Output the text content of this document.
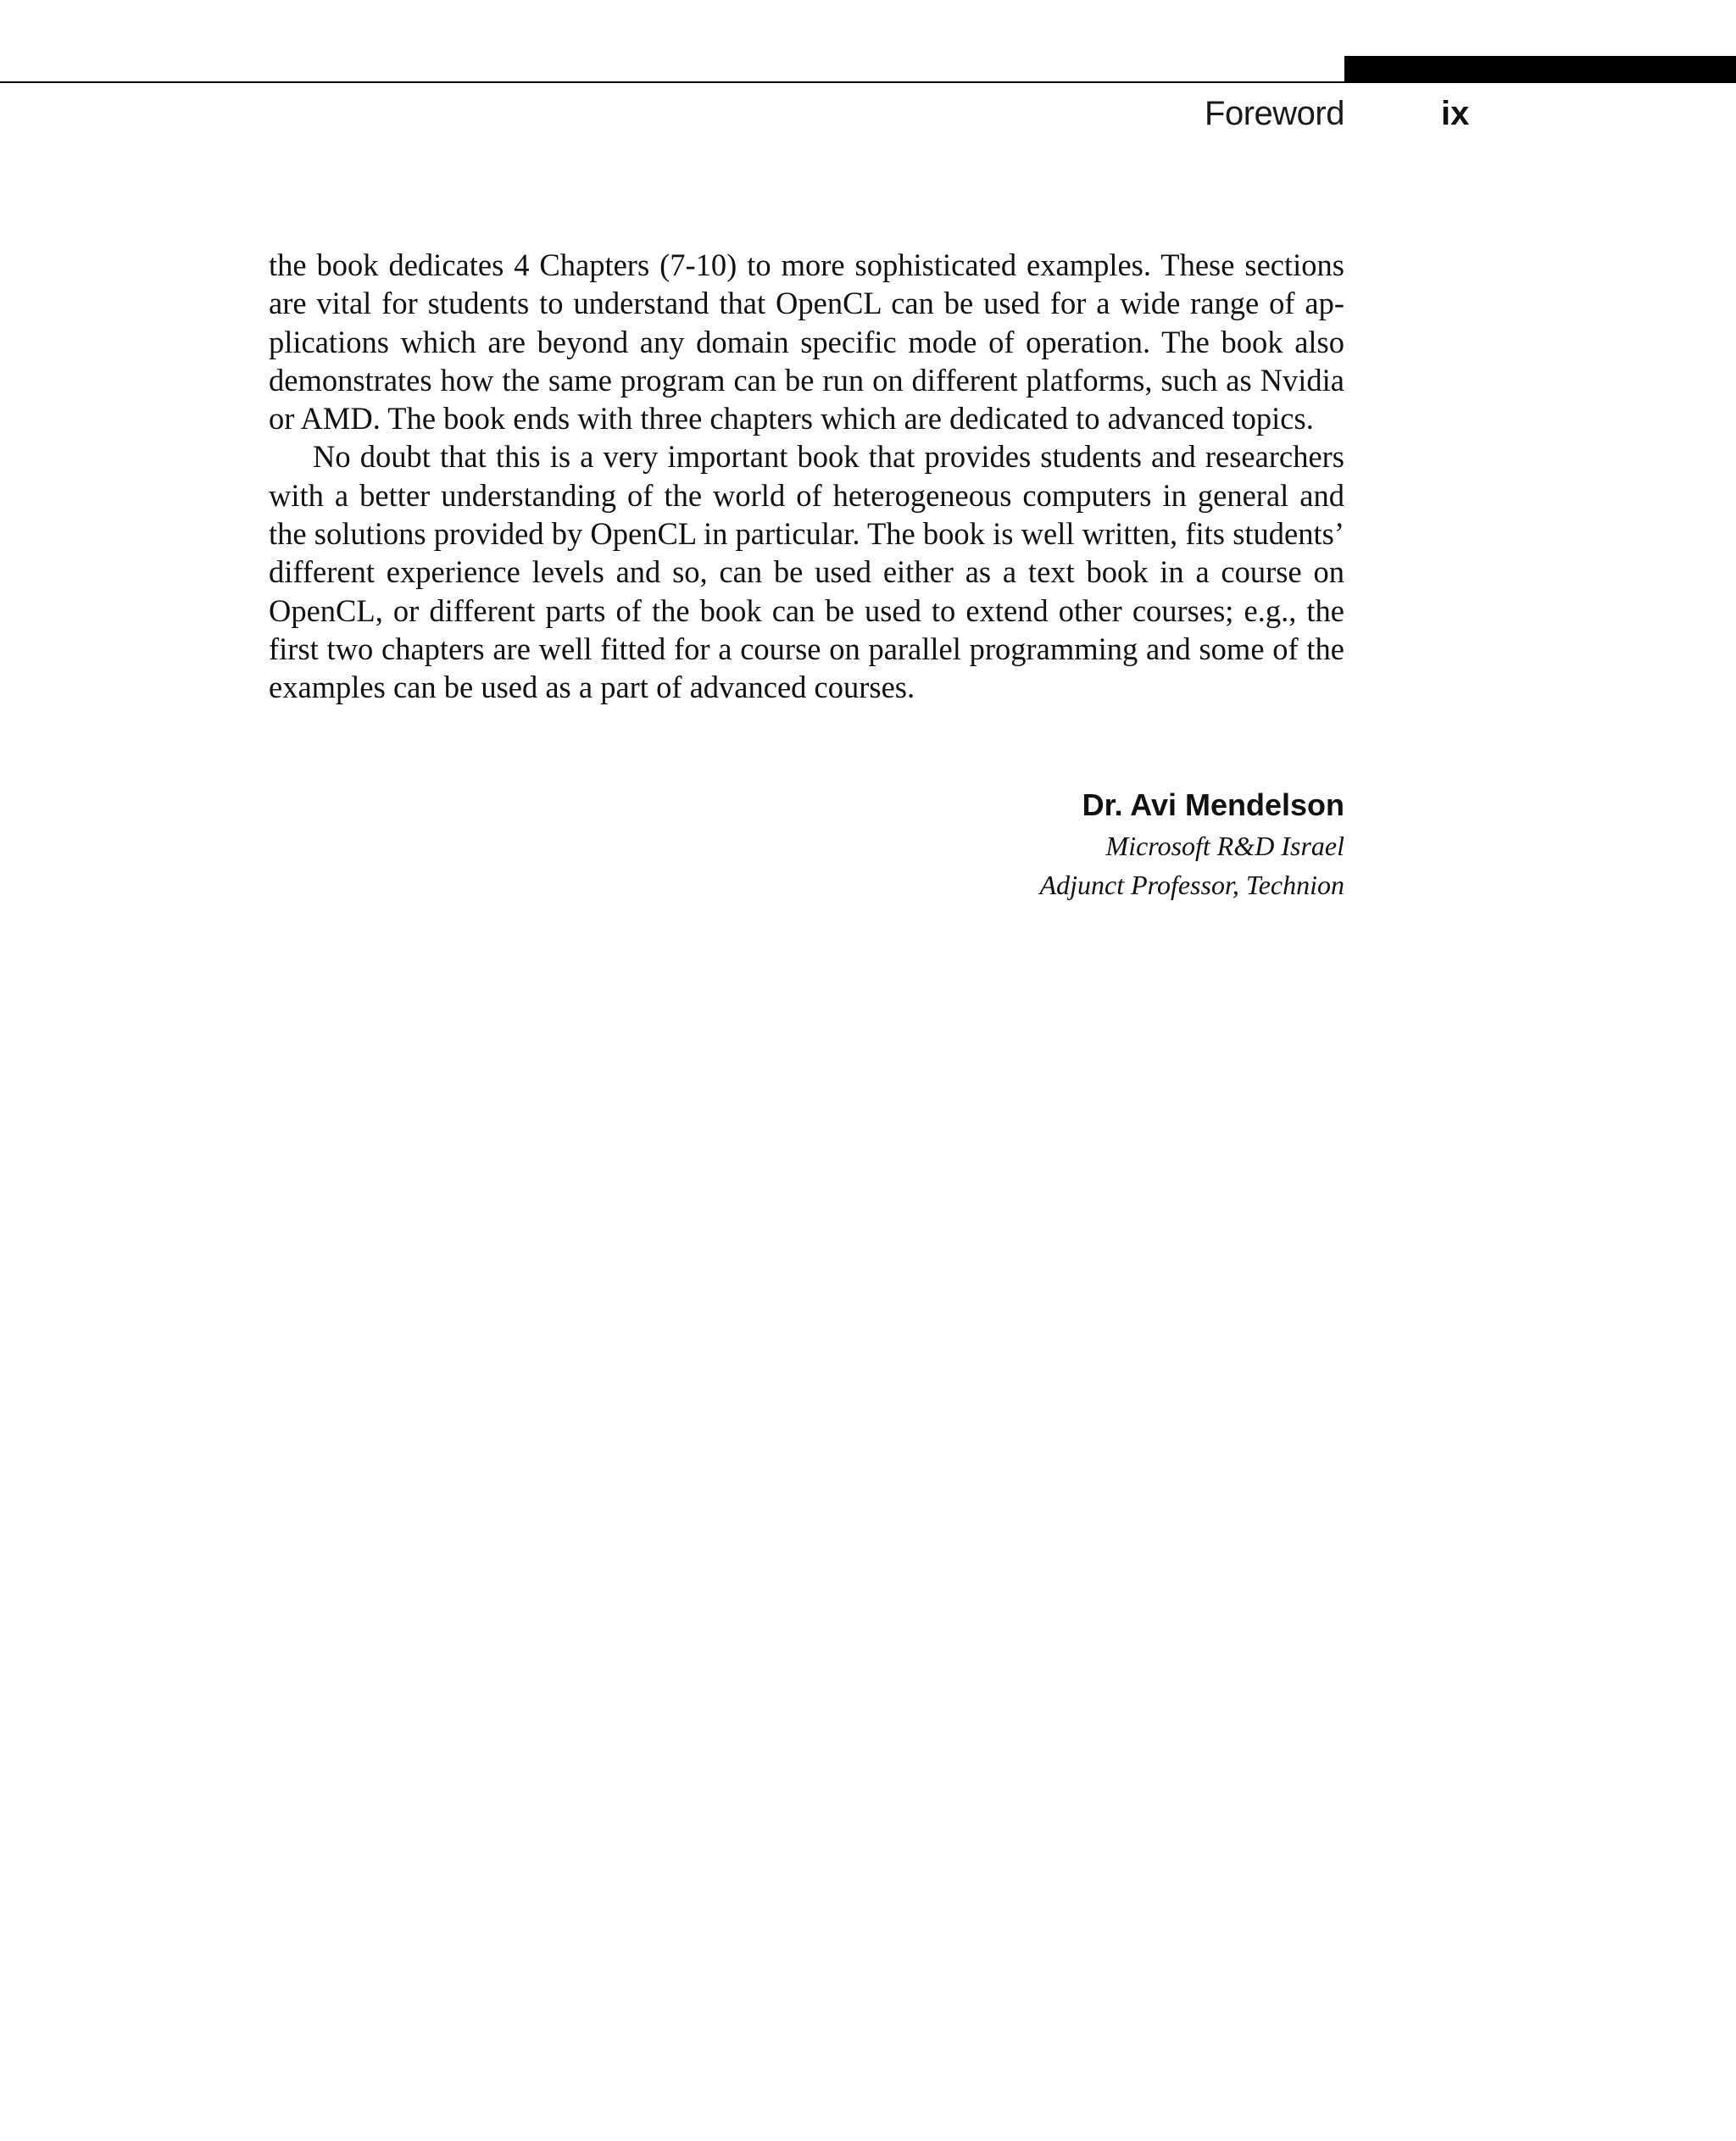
Foreword	ix

the book dedicates 4 Chapters (7-10) to more sophisticated examples. These sections are vital for students to understand that OpenCL can be used for a wide range of applications which are beyond any domain specific mode of operation. The book also demonstrates how the same program can be run on different platforms, such as Nvidia or AMD. The book ends with three chapters which are dedicated to advanced topics.

No doubt that this is a very important book that provides students and researchers with a better understanding of the world of heterogeneous computers in general and the solutions provided by OpenCL in particular. The book is well written, fits students’ different experience levels and so, can be used either as a text book in a course on OpenCL, or different parts of the book can be used to extend other courses; e.g., the first two chapters are well fitted for a course on parallel programming and some of the examples can be used as a part of advanced courses.

Dr. Avi Mendelson
Microsoft R&D Israel
Adjunct Professor, Technion
